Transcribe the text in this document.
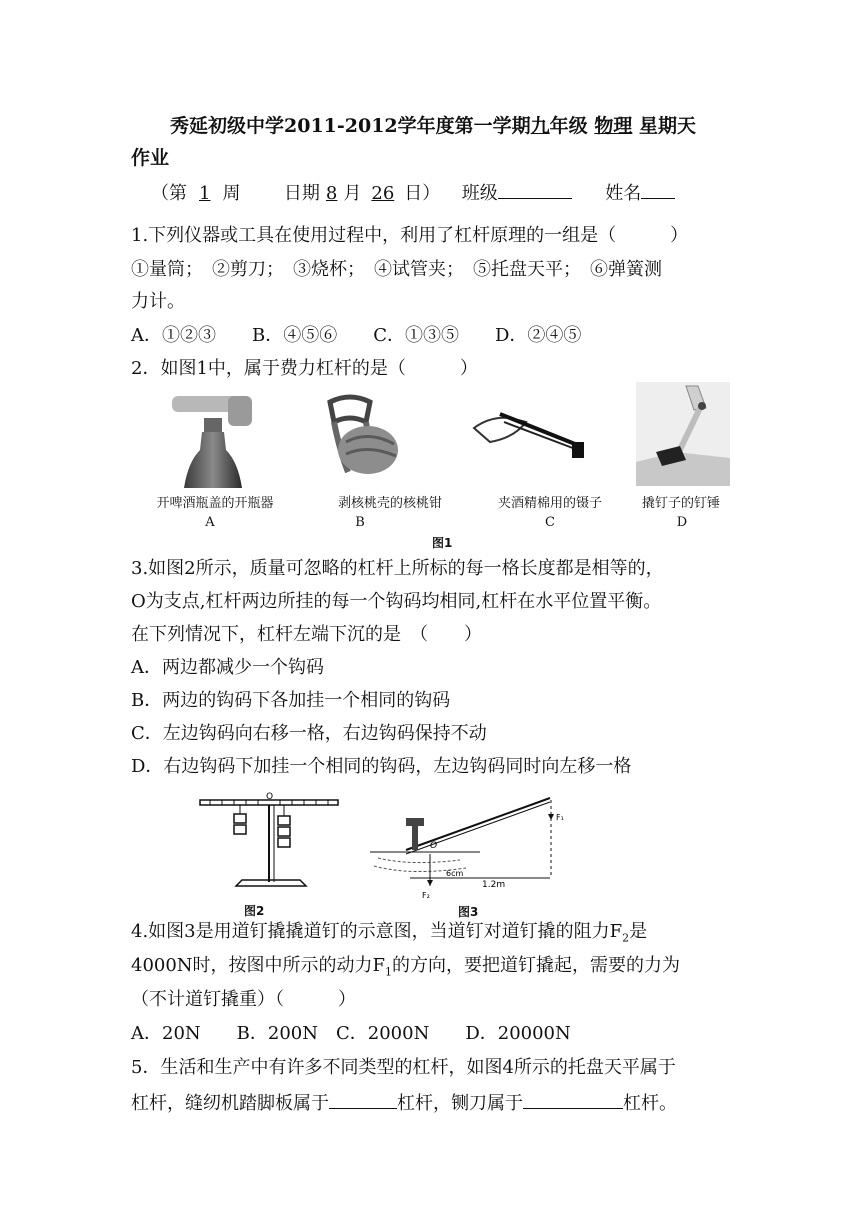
秀延初级中学2011-2012学年度第一学期九年级 物理 星期天
作业
（第 1 周 日期 8 月 26 日） 班级	姓名
1.下列仪器或工具在使用过程中，利用了杠杆原理的一组是（　　　）
①量筒；　②剪刀；　③烧杯；　④试管夹；　⑤托盘天平；　⑥弹簧测
力计。
A．①②③　　B．④⑤⑥　　C．①③⑤　　D．②④⑤
2．如图1中，属于费力杠杆的是（　　　）
开啤酒瓶盖的开瓶器	剥核桃壳的核桃钳	夹酒精棉用的镊子	撬钉子的钉锤
A	B	C	D
图1
3.如图2所示，质量可忽略的杠杆上所标的每一格长度都是相等的，
O为支点,杠杆两边所挂的每一个钩码均相同,杠杆在水平位置平衡。
在下列情况下，杠杆左端下沉的是　（　　）
A．两边都减少一个钩码
B．两边的钩码下各加挂一个相同的钩码
C．左边钩码向右移一格，右边钩码保持不动
D．右边钩码下加挂一个相同的钩码，左边钩码同时向左移一格
O
图2
F₁
F₂
O
6cm
1.2m
图3
4.如图3是用道钉撬撬道钉的示意图，当道钉对道钉撬的阻力$F_2$是
4000N时，按图中所示的动力$F_1$的方向，要把道钉撬起，需要的力为
（不计道钉撬重）（　　　）
A．20N　　B．200N　C．2000N　　D．20000N
5．生活和生产中有许多不同类型的杠杆，如图4所示的托盘天平属于
杠杆，缝纫机踏脚板属于	杠杆，铡刀属于	杠杆。
